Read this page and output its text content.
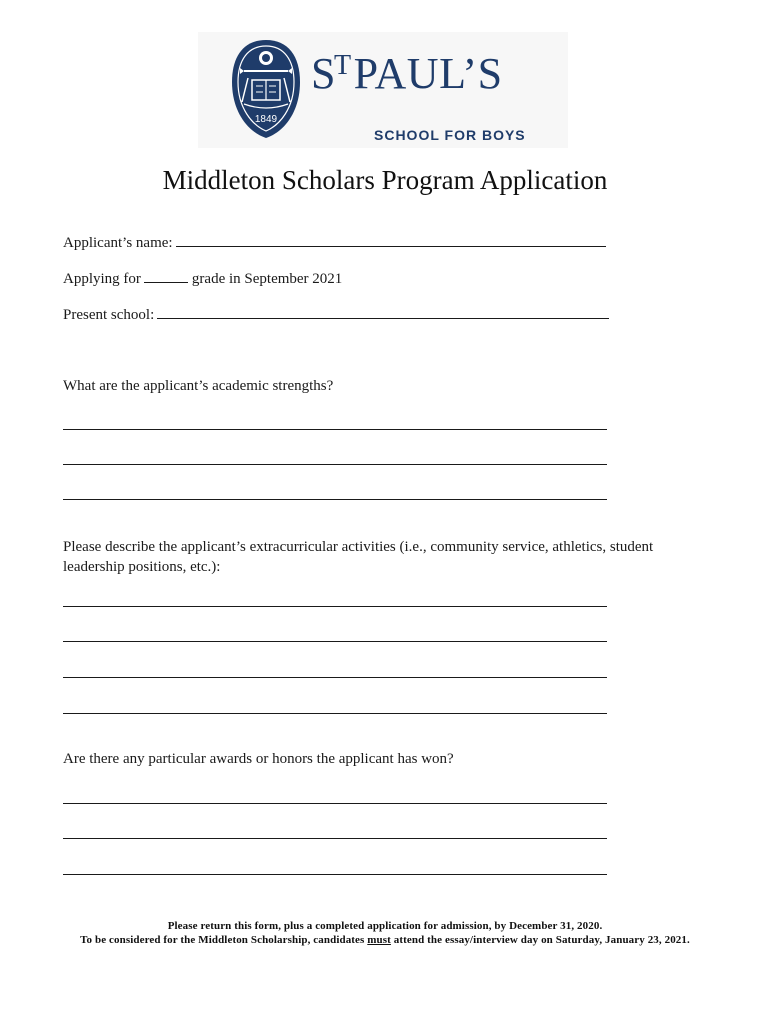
1849
$S^TPAUL’S$
SCHOOL FOR BOYS
Middleton Scholars Program Application
Applicant’s name:
Applying for	grade in September 2021
Present school:
What are the applicant’s academic strengths?
Please describe the applicant’s extracurricular activities (i.e., community service, athletics, student leadership positions, etc.):
Are there any particular awards or honors the applicant has won?
Please return this form, plus a completed application for admission, by December 31, 2020.
To be considered for the Middleton Scholarship, candidates must attend the essay/interview day on Saturday, January 23, 2021.
